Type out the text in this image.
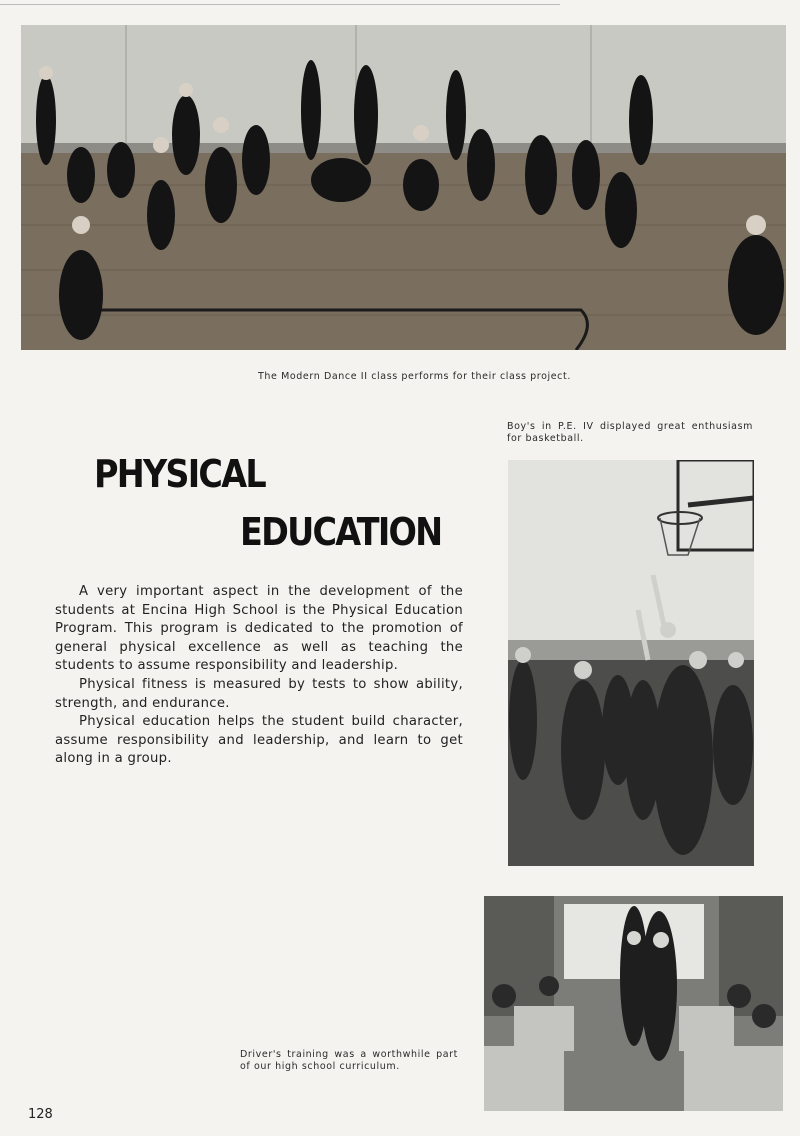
The Modern Dance II class performs for their class project.
Boy's in P.E. IV displayed great enthusiasm for basketball.
PHYSICAL
EDUCATION

A very important aspect in the development of the students at Encina High School is the Physical Education Program. This program is dedicated to the promotion of general physical excellence as well as teaching the students to assume responsibility and leadership.

Physical fitness is measured by tests to show ability, strength, and endurance.

Physical education helps the student build character, assume responsibility and leadership, and learn to get along in a group.

Driver's training was a worthwhile part of our high school curriculum.
128
